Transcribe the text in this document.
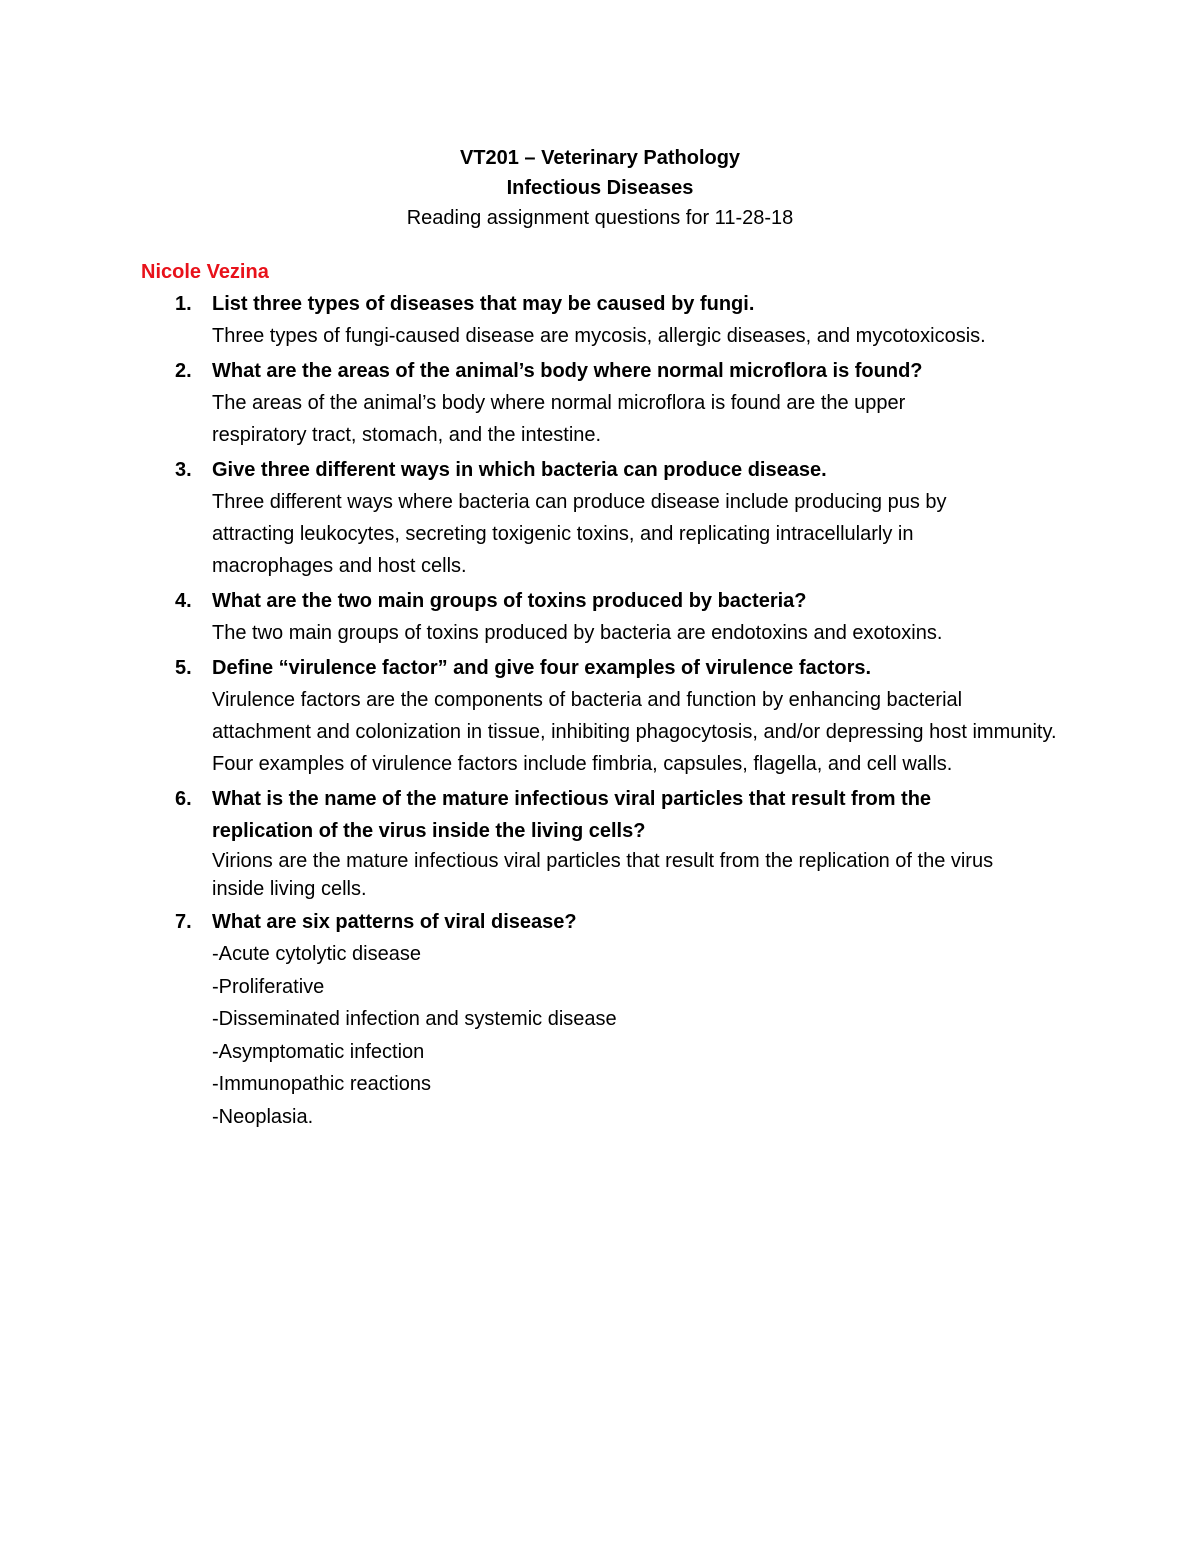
VT201 – Veterinary Pathology
Infectious Diseases
Reading assignment questions for 11-28-18
Nicole Vezina
1. List three types of diseases that may be caused by fungi.
Three types of fungi-caused disease are mycosis, allergic diseases, and mycotoxicosis.
2. What are the areas of the animal’s body where normal microflora is found?
The areas of the animal’s body where normal microflora is found are the upper respiratory tract, stomach, and the intestine.
3. Give three different ways in which bacteria can produce disease.
Three different ways where bacteria can produce disease include producing pus by attracting leukocytes, secreting toxigenic toxins, and replicating intracellularly in macrophages and host cells.
4. What are the two main groups of toxins produced by bacteria?
The two main groups of toxins produced by bacteria are endotoxins and exotoxins.
5. Define “virulence factor” and give four examples of virulence factors.
Virulence factors are the components of bacteria and function by enhancing bacterial attachment and colonization in tissue, inhibiting phagocytosis, and/or depressing host immunity. Four examples of virulence factors include fimbria, capsules, flagella, and cell walls.
6. What is the name of the mature infectious viral particles that result from the replication of the virus inside the living cells?
Virions are the mature infectious viral particles that result from the replication of the virus inside living cells.
7. What are six patterns of viral disease?
-Acute cytolytic disease
-Proliferative
-Disseminated infection and systemic disease
-Asymptomatic infection
-Immunopathic reactions
-Neoplasia.
